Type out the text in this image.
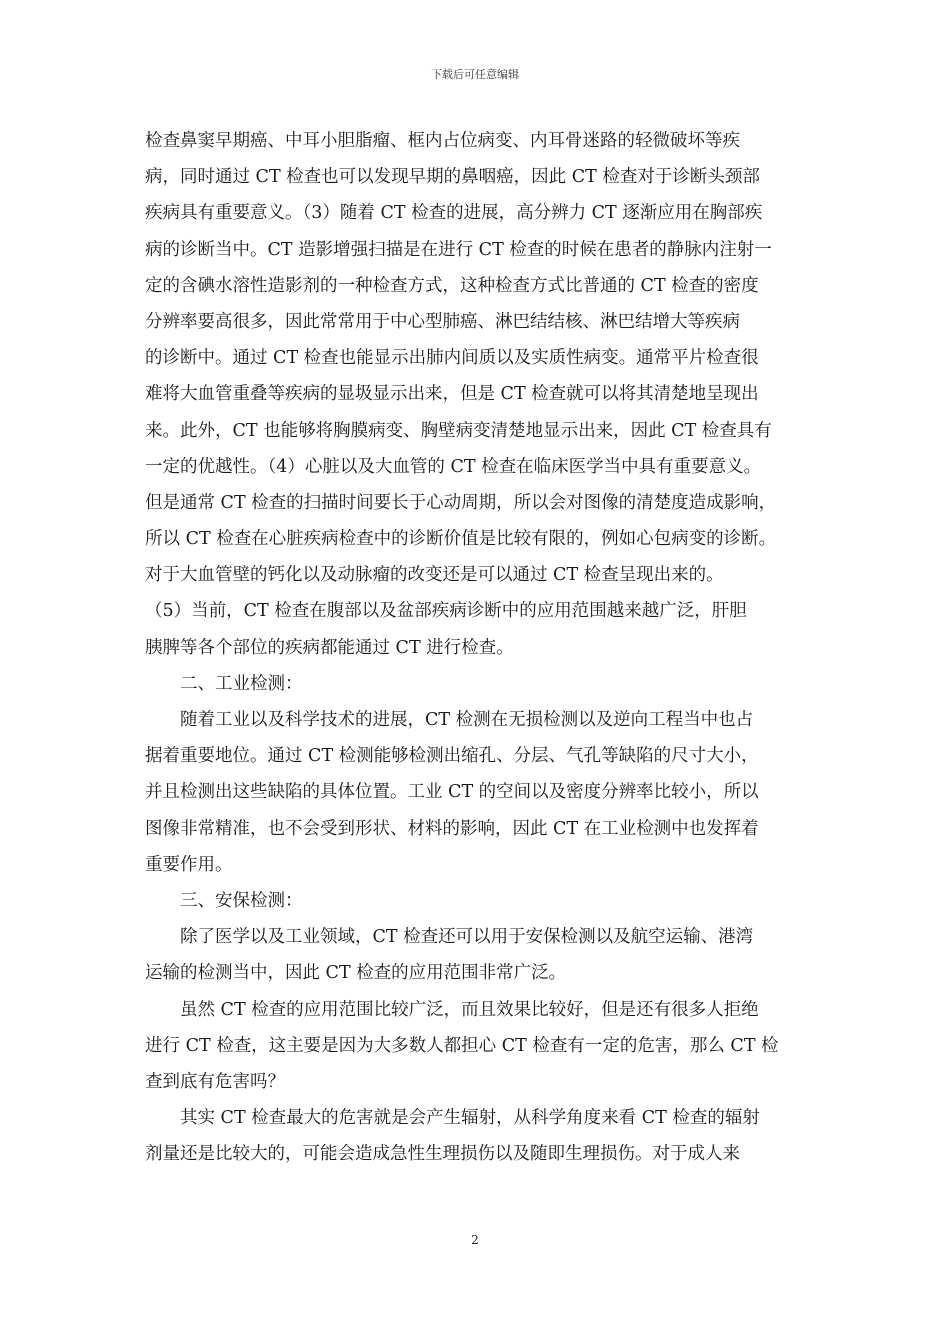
下载后可任意编辑
检查鼻窦早期癌、中耳小胆脂瘤、框内占位病变、内耳骨迷路的轻微破坏等疾
病，同时通过 CT 检查也可以发现早期的鼻咽癌，因此 CT 检查对于诊断头颈部
疾病具有重要意义。（3）随着 CT 检查的进展，高分辨力 CT 逐渐应用在胸部疾
病的诊断当中。CT 造影增强扫描是在进行 CT 检查的时候在患者的静脉内注射一
定的含碘水溶性造影剂的一种检查方式，这种检查方式比普通的 CT 检查的密度
分辨率要高很多，因此常常用于中心型肺癌、淋巴结结核、淋巴结增大等疾病
的诊断中。通过 CT 检查也能显示出肺内间质以及实质性病变。通常平片检查很
难将大血管重叠等疾病的显圾显示出来，但是 CT 检查就可以将其清楚地呈现出
来。此外，CT 也能够将胸膜病变、胸壁病变清楚地显示出来，因此 CT 检查具有
一定的优越性。（4）心脏以及大血管的 CT 检查在临床医学当中具有重要意义。
但是通常 CT 检查的扫描时间要长于心动周期，所以会对图像的清楚度造成影响，
所以 CT 检查在心脏疾病检查中的诊断价值是比较有限的，例如心包病变的诊断。
对于大血管壁的钙化以及动脉瘤的改变还是可以通过 CT 检查呈现出来的。
（5）当前，CT 检查在腹部以及盆部疾病诊断中的应用范围越来越广泛，肝胆
胰脾等各个部位的疾病都能通过 CT 进行检查。
　　二、工业检测：
　　随着工业以及科学技术的进展，CT 检测在无损检测以及逆向工程当中也占
据着重要地位。通过 CT 检测能够检测出缩孔、分层、气孔等缺陷的尺寸大小，
并且检测出这些缺陷的具体位置。工业 CT 的空间以及密度分辨率比较小，所以
图像非常精准，也不会受到形状、材料的影响，因此 CT 在工业检测中也发挥着
重要作用。
　　三、安保检测：
　　除了医学以及工业领域，CT 检查还可以用于安保检测以及航空运输、港湾
运输的检测当中，因此 CT 检查的应用范围非常广泛。
　　虽然 CT 检查的应用范围比较广泛，而且效果比较好，但是还有很多人拒绝
进行 CT 检查，这主要是因为大多数人都担心 CT 检查有一定的危害，那么 CT 检
查到底有危害吗？
　　其实 CT 检查最大的危害就是会产生辐射，从科学角度来看 CT 检查的辐射
剂量还是比较大的，可能会造成急性生理损伤以及随即生理损伤。对于成人来
2
